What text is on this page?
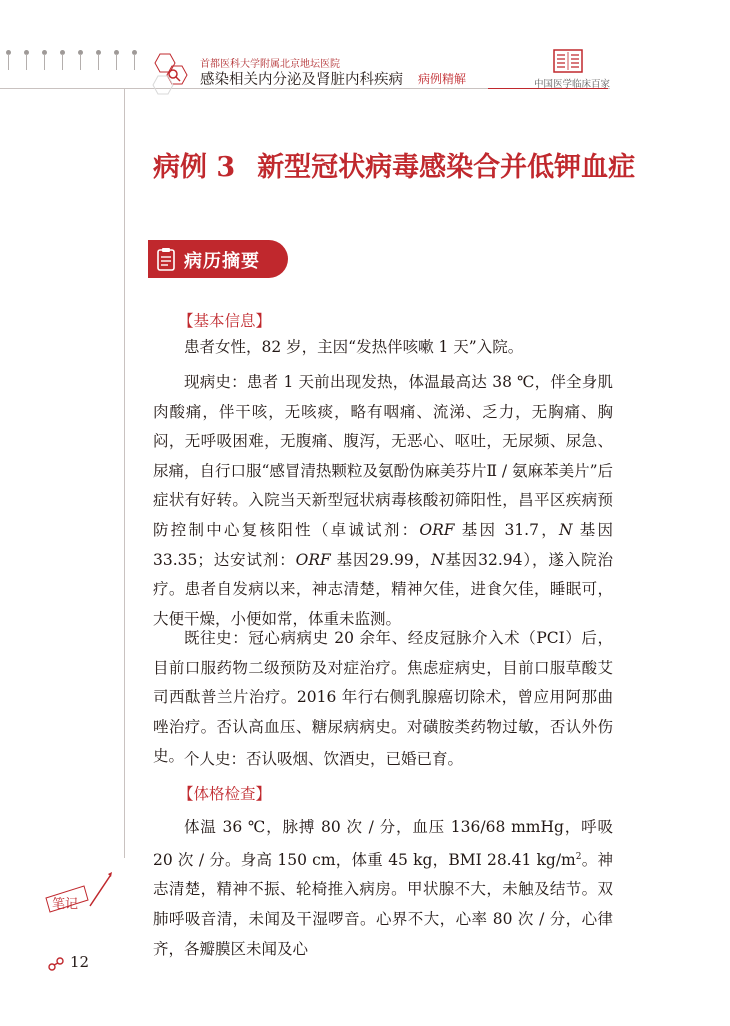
首都医科大学附属北京地坛医院
感染相关内分泌及肾脏内科疾病 病例精解	中国医学临床百家
病例 3 新型冠状病毒感染合并低钾血症
病历摘要
【基本信息】
患者女性，82 岁，主因“发热伴咳嗽 1 天”入院。
现病史：患者 1 天前出现发热，体温最高达 38 ℃，伴全身肌肉酸痛，伴干咳，无咳痰，略有咽痛、流涕、乏力，无胸痛、胸闷，无呼吸困难，无腹痛、腹泻，无恶心、呕吐，无尿频、尿急、尿痛，自行口服“感冒清热颗粒及氨酚伪麻美芬片Ⅱ / 氨麻苯美片”后症状有好转。入院当天新型冠状病毒核酸初筛阳性，昌平区疾病预防控制中心复核阳性（卓诚试剂：ORF 基因 31.7，N 基因 33.35；达安试剂：ORF 基因29.99，N基因32.94），遂入院治疗。患者自发病以来，神志清楚，精神欠佳，进食欠佳，睡眠可，大便干燥，小便如常，体重未监测。
既往史：冠心病病史 20 余年、经皮冠脉介入术（PCI）后，目前口服药物二级预防及对症治疗。焦虑症病史，目前口服草酸艾司西酞普兰片治疗。2016 年行右侧乳腺癌切除术，曾应用阿那曲唑治疗。否认高血压、糖尿病病史。对磺胺类药物过敏，否认外伤史。 个人史：否认吸烟、饮酒史，已婚已育。
【体格检查】
体温 36 ℃，脉搏 80 次 / 分，血压 136/68 mmHg，呼吸 20 次 / 分。身高 150 cm，体重 45 kg，BMI 28.41 $kg/m^2$。神志清楚，精神不振、轮椅推入病房。甲状腺不大，未触及结节。双肺呼吸音清，未闻及干湿啰音。心界不大，心率 80 次 / 分，心律齐，各瓣膜区未闻及心
笔记
12
